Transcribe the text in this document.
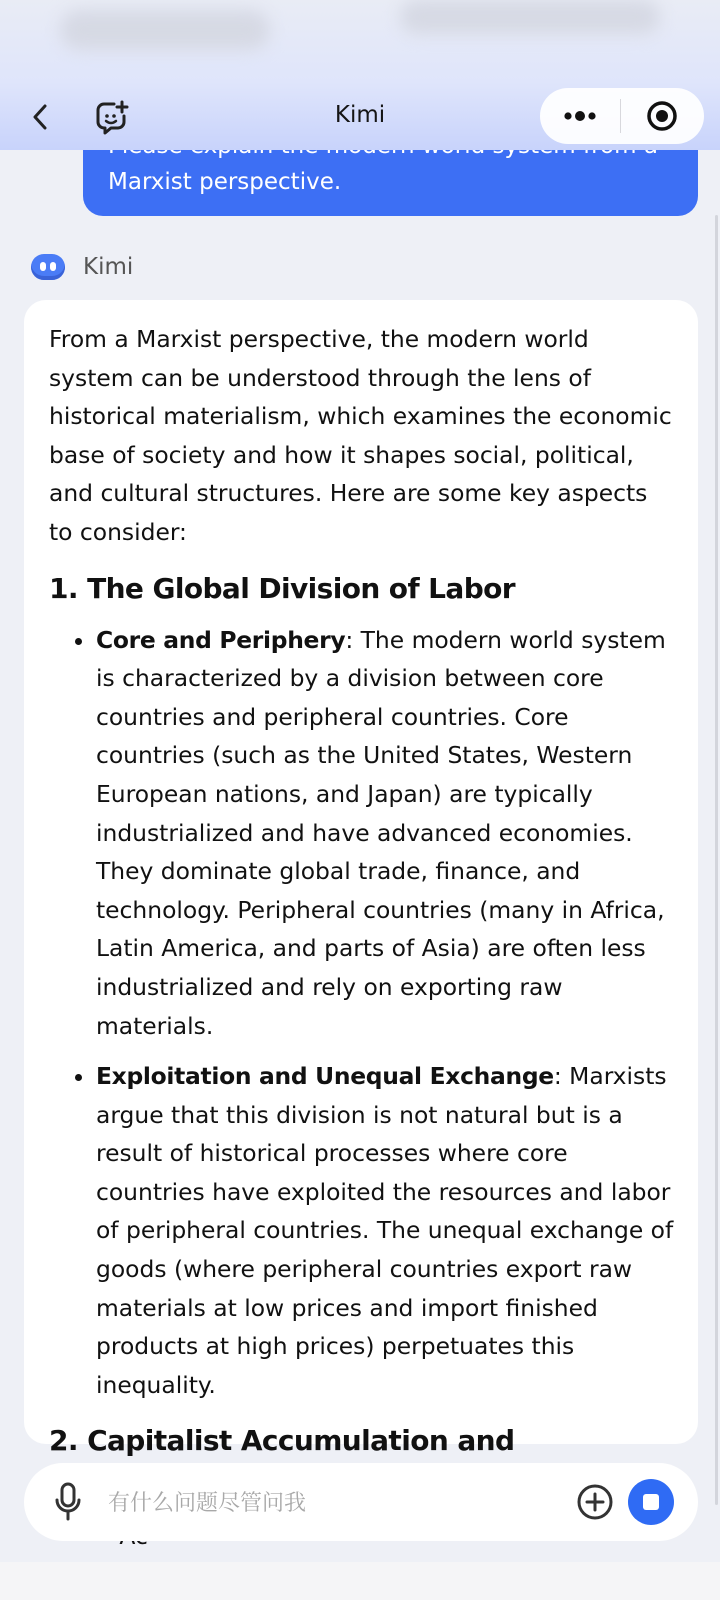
Marxist perspective.
Kimi
Kimi

From a Marxist perspective, the modern world system can be understood through the lens of historical materialism, which examines the economic base of society and how it shapes social, political, and cultural structures. Here are some key aspects to consider:

1. The Global Division of Labor
• Core and Periphery: The modern world system is characterized by a division between core countries and peripheral countries. Core countries (such as the United States, Western European nations, and Japan) are typically industrialized and have advanced economies. They dominate global trade, finance, and technology. Peripheral countries (many in Africa, Latin America, and parts of Asia) are often less industrialized and rely on exporting raw materials.
• Exploitation and Unequal Exchange: Marxists argue that this division is not natural but is a result of historical processes where core countries have exploited the resources and labor of peripheral countries. The unequal exchange of goods (where peripheral countries export raw materials at low prices and import finished products at high prices) perpetuates this inequality.
2. Capitalist Accumulation and
•
有什么问题尽管问我
